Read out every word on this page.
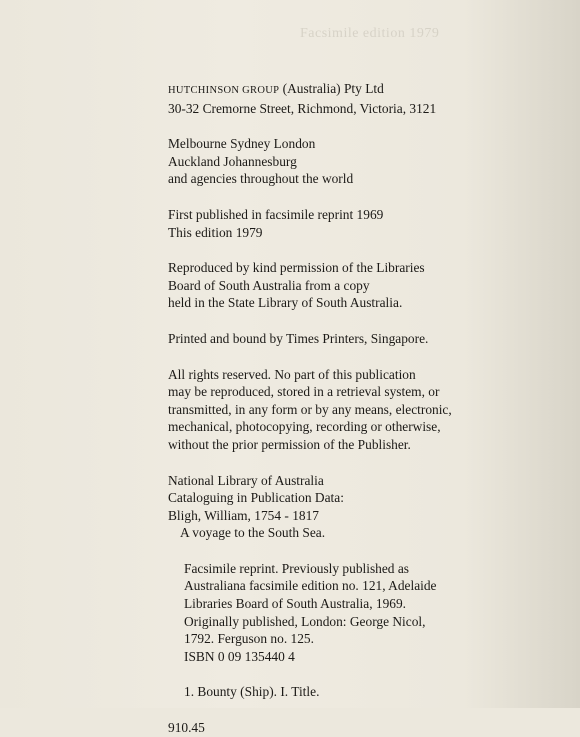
Facsimile edition 1979
HUTCHINSON GROUP (Australia) Pty Ltd
30-32 Cremorne Street, Richmond, Victoria, 3121
Melbourne Sydney London
Auckland Johannesburg
and agencies throughout the world
First published in facsimile reprint 1969
This edition 1979
Reproduced by kind permission of the Libraries
Board of South Australia from a copy
held in the State Library of South Australia.
Printed and bound by Times Printers, Singapore.
All rights reserved. No part of this publication
may be reproduced, stored in a retrieval system, or
transmitted, in any form or by any means, electronic,
mechanical, photocopying, recording or otherwise,
without the prior permission of the Publisher.
National Library of Australia
Cataloguing in Publication Data:
Bligh, William, 1754 - 1817
A voyage to the South Sea.
Facsimile reprint. Previously published as
Australiana facsimile edition no. 121, Adelaide
Libraries Board of South Australia, 1969.
Originally published, London: George Nicol,
1792. Ferguson no. 125.
ISBN 0 09 135440 4
1. Bounty (Ship). I. Title.
910.45
